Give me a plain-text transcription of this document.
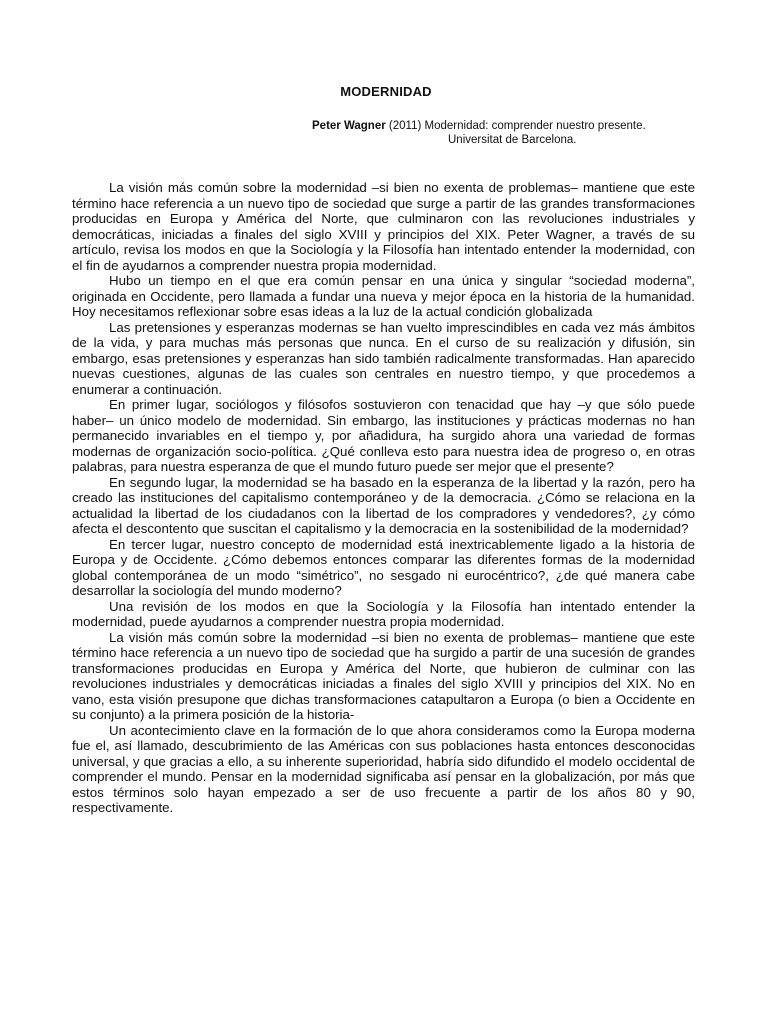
MODERNIDAD
Peter Wagner (2011) Modernidad: comprender nuestro presente.
Universitat de Barcelona.

La visión más común sobre la modernidad –si bien no exenta de problemas– mantiene que este término hace referencia a un nuevo tipo de sociedad que surge a partir de las grandes transformaciones producidas en Europa y América del Norte, que culminaron con las revoluciones industriales y democráticas, iniciadas a finales del siglo XVIII y principios del XIX. Peter Wagner, a través de su artículo, revisa los modos en que la Sociología y la Filosofía han intentado entender la modernidad, con el fin de ayudarnos a comprender nuestra propia modernidad.

Hubo un tiempo en el que era común pensar en una única y singular “sociedad moderna”, originada en Occidente, pero llamada a fundar una nueva y mejor época en la historia de la humanidad. Hoy necesitamos reflexionar sobre esas ideas a la luz de la actual condición globalizada

Las pretensiones y esperanzas modernas se han vuelto imprescindibles en cada vez más ámbitos de la vida, y para muchas más personas que nunca. En el curso de su realización y difusión, sin embargo, esas pretensiones y esperanzas han sido también radicalmente transformadas. Han aparecido nuevas cuestiones, algunas de las cuales son centrales en nuestro tiempo, y que procedemos a enumerar a continuación.

En primer lugar, sociólogos y filósofos sostuvieron con tenacidad que hay –y que sólo puede haber– un único modelo de modernidad. Sin embargo, las instituciones y prácticas modernas no han permanecido invariables en el tiempo y, por añadidura, ha surgido ahora una variedad de formas modernas de organización socio-política. ¿Qué conlleva esto para nuestra idea de progreso o, en otras palabras, para nuestra esperanza de que el mundo futuro puede ser mejor que el presente?

En segundo lugar, la modernidad se ha basado en la esperanza de la libertad y la razón, pero ha creado las instituciones del capitalismo contemporáneo y de la democracia. ¿Cómo se relaciona en la actualidad la libertad de los ciudadanos con la libertad de los compradores y vendedores?, ¿y cómo afecta el descontento que suscitan el capitalismo y la democracia en la sostenibilidad de la modernidad?

En tercer lugar, nuestro concepto de modernidad está inextricablemente ligado a la historia de Europa y de Occidente. ¿Cómo debemos entonces comparar las diferentes formas de la modernidad global contemporánea de un modo “simétrico”, no sesgado ni eurocéntrico?, ¿de qué manera cabe desarrollar la sociología del mundo moderno?

Una revisión de los modos en que la Sociología y la Filosofía han intentado entender la modernidad, puede ayudarnos a comprender nuestra propia modernidad.

La visión más común sobre la modernidad –si bien no exenta de problemas– mantiene que este término hace referencia a un nuevo tipo de sociedad que ha surgido a partir de una sucesión de grandes transformaciones producidas en Europa y América del Norte, que hubieron de culminar con las revoluciones industriales y democráticas iniciadas a finales del siglo XVIII y principios del XIX. No en vano, esta visión presupone que dichas transformaciones catapultaron a Europa (o bien a Occidente en su conjunto) a la primera posición de la historia-

Un acontecimiento clave en la formación de lo que ahora consideramos como la Europa moderna fue el, así llamado, descubrimiento de las Américas con sus poblaciones hasta entonces desconocidas universal, y que gracias a ello, a su inherente superioridad, habría sido difundido el modelo occidental de comprender el mundo. Pensar en la modernidad significaba así pensar en la globalización, por más que estos términos solo hayan empezado a ser de uso frecuente a partir de los años 80 y 90, respectivamente.
